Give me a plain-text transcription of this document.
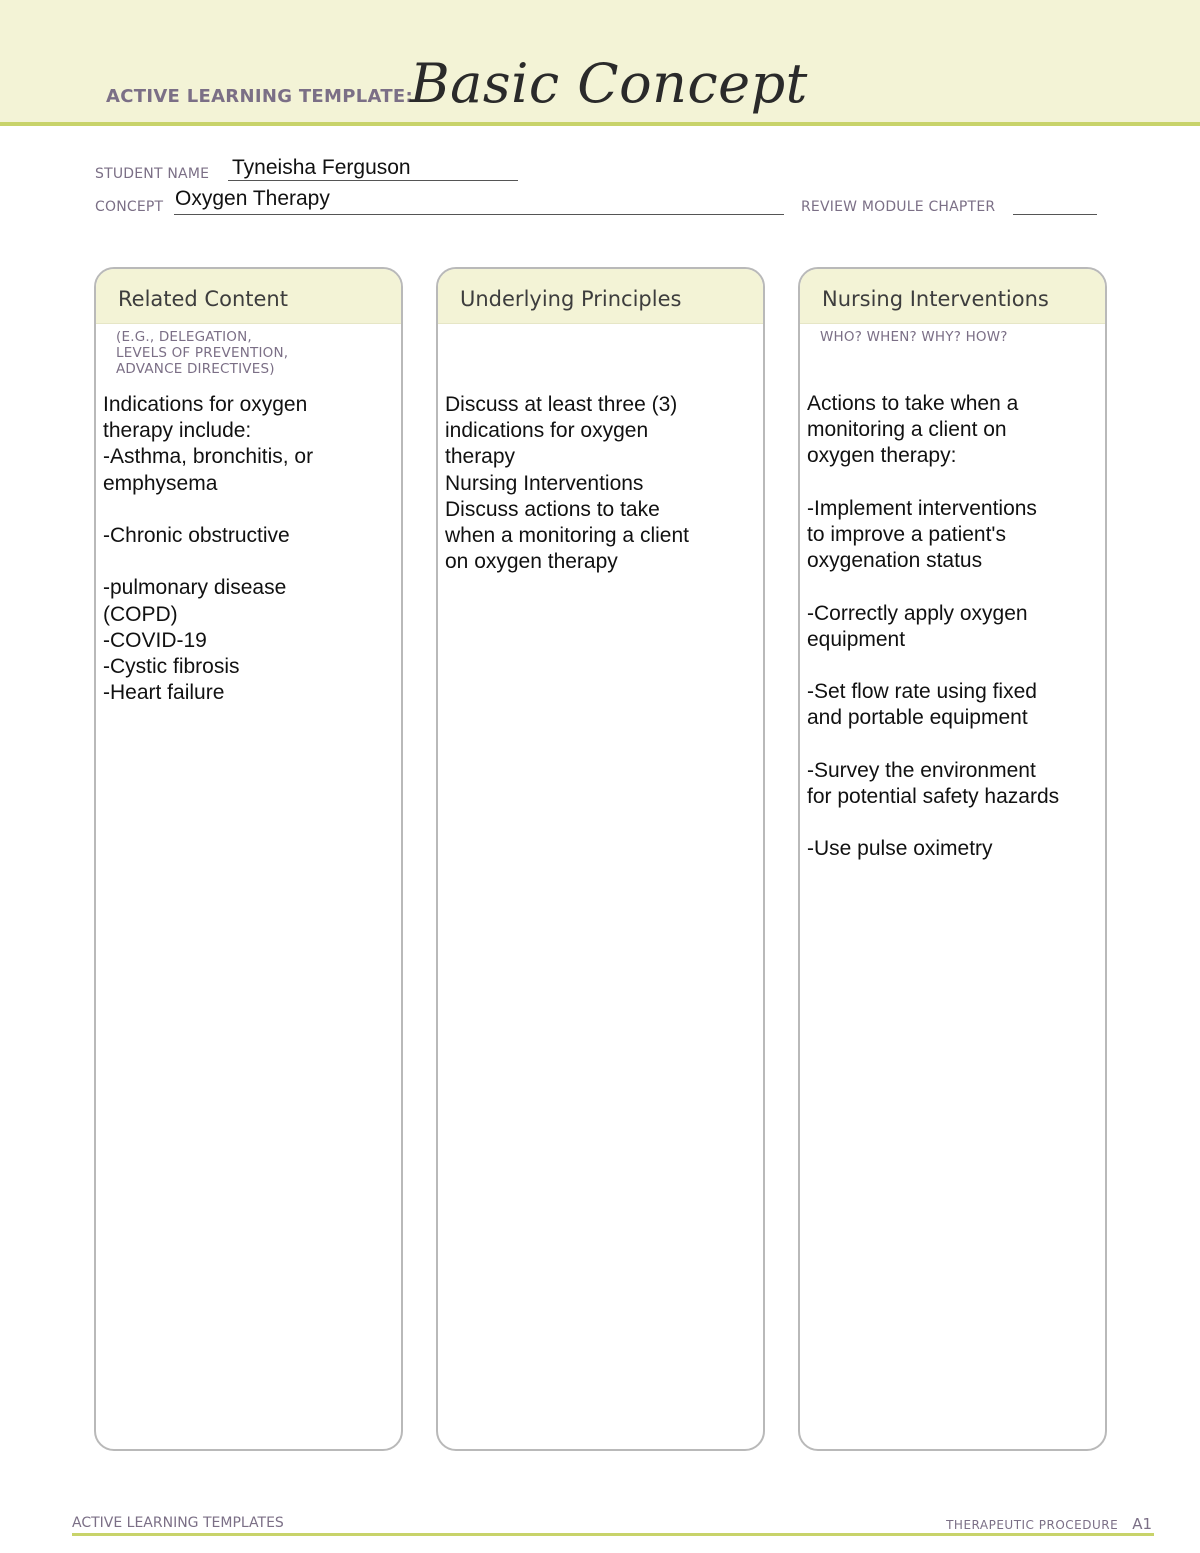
ACTIVE LEARNING TEMPLATE:
Basic Concept
STUDENT NAME Tyneisha Ferguson
CONCEPT Oxygen Therapy	REVIEW MODULE CHAPTER
Related Content
(E.G., DELEGATION,
LEVELS OF PREVENTION,
ADVANCE DIRECTIVES)
Indications for oxygen
therapy include:
-Asthma, bronchitis, or
emphysema

-Chronic obstructive

-pulmonary disease
(COPD)
-COVID-19
-Cystic fibrosis
-Heart failure
Underlying Principles
Discuss at least three (3)
indications for oxygen
therapy
Nursing Interventions
Discuss actions to take
when a monitoring a client
on oxygen therapy
Nursing Interventions
WHO? WHEN? WHY? HOW?
Actions to take when a
monitoring a client on
oxygen therapy:

-Implement interventions
to improve a patient's
oxygenation status

-Correctly apply oxygen
equipment

-Set flow rate using fixed
and portable equipment

-Survey the environment
for potential safety hazards

-Use pulse oximetry
ACTIVE LEARNING TEMPLATES	THERAPEUTIC PROCEDURE A1
